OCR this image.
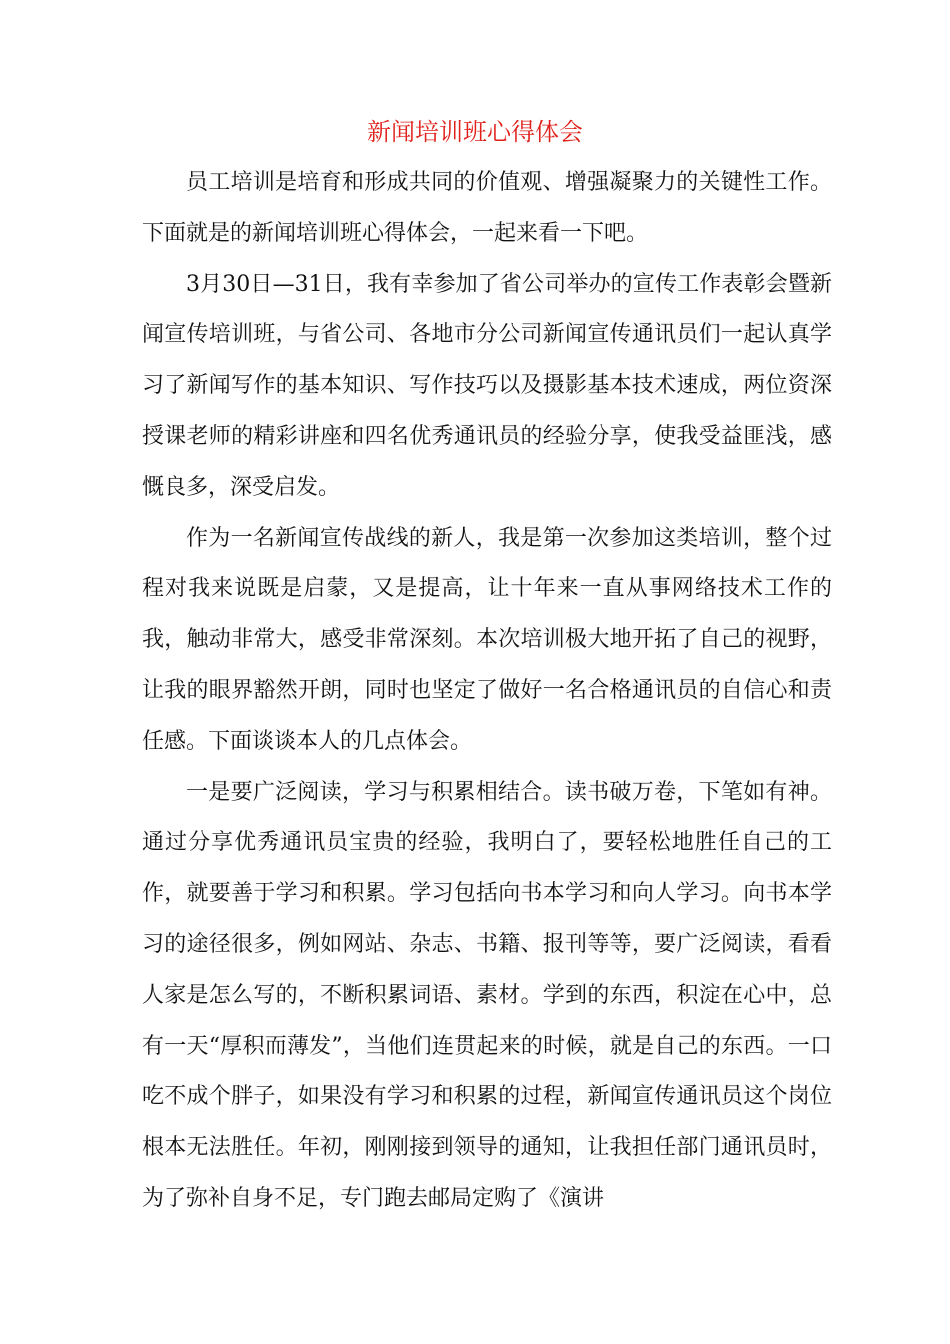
新闻培训班心得体会

员工培训是培育和形成共同的价值观、增强凝聚力的关键性工作。下面就是的新闻培训班心得体会，一起来看一下吧。

3月30日—31日，我有幸参加了省公司举办的宣传工作表彰会暨新闻宣传培训班，与省公司、各地市分公司新闻宣传通讯员们一起认真学习了新闻写作的基本知识、写作技巧以及摄影基本技术速成，两位资深授课老师的精彩讲座和四名优秀通讯员的经验分享，使我受益匪浅，感慨良多，深受启发。

作为一名新闻宣传战线的新人，我是第一次参加这类培训，整个过程对我来说既是启蒙，又是提高，让十年来一直从事网络技术工作的我，触动非常大，感受非常深刻。本次培训极大地开拓了自己的视野，让我的眼界豁然开朗，同时也坚定了做好一名合格通讯员的自信心和责任感。下面谈谈本人的几点体会。

一是要广泛阅读，学习与积累相结合。读书破万卷，下笔如有神。通过分享优秀通讯员宝贵的经验，我明白了，要轻松地胜任自己的工作，就要善于学习和积累。学习包括向书本学习和向人学习。向书本学习的途径很多，例如网站、杂志、书籍、报刊等等，要广泛阅读，看看人家是怎么写的，不断积累词语、素材。学到的东西，积淀在心中，总有一天“厚积而薄发”，当他们连贯起来的时候，就是自己的东西。一口吃不成个胖子，如果没有学习和积累的过程，新闻宣传通讯员这个岗位根本无法胜任。年初，刚刚接到领导的通知，让我担任部门通讯员时，为了弥补自身不足，专门跑去邮局定购了《演讲
